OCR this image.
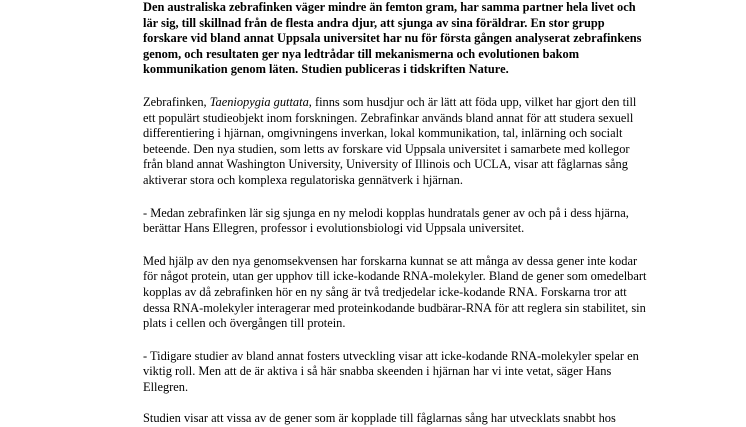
Den australiska zebrafinken väger mindre än femton gram, har samma partner hela livet och
lär sig, till skillnad från de flesta andra djur, att sjunga av sina föräldrar. En stor grupp
forskare vid bland annat Uppsala universitet har nu för första gången analyserat zebrafinkens
genom, och resultaten ger nya ledtrådar till mekanismerna och evolutionen bakom
kommunikation genom läten. Studien publiceras i tidskriften Nature.

Zebrafinken, Taeniopygia guttata, finns som husdjur och är lätt att föda upp, vilket har gjort den till
ett populärt studieobjekt inom forskningen. Zebrafinkar används bland annat för att studera sexuell
differentiering i hjärnan, omgivningens inverkan, lokal kommunikation, tal, inlärning och socialt
beteende. Den nya studien, som letts av forskare vid Uppsala universitet i samarbete med kollegor
från bland annat Washington University, University of Illinois och UCLA, visar att fåglarnas sång
aktiverar stora och komplexa regulatoriska gennätverk i hjärnan.

- Medan zebrafinken lär sig sjunga en ny melodi kopplas hundratals gener av och på i dess hjärna,
berättar Hans Ellegren, professor i evolutionsbiologi vid Uppsala universitet.

Med hjälp av den nya genomsekvensen har forskarna kunnat se att många av dessa gener inte kodar
för något protein, utan ger upphov till icke-kodande RNA-molekyler. Bland de gener som omedelbart
kopplas av då zebrafinken hör en ny sång är två tredjedelar icke-kodande RNA. Forskarna tror att
dessa RNA-molekyler interagerar med proteinkodande budbärar-RNA för att reglera sin stabilitet, sin
plats i cellen och övergången till protein.

- Tidigare studier av bland annat fosters utveckling visar att icke-kodande RNA-molekyler spelar en
viktig roll. Men att de är aktiva i så här snabba skeenden i hjärnan har vi inte vetat, säger Hans
Ellegren.

Studien visar att vissa av de gener som är kopplade till fåglarnas sång har utvecklats snabbt hos
